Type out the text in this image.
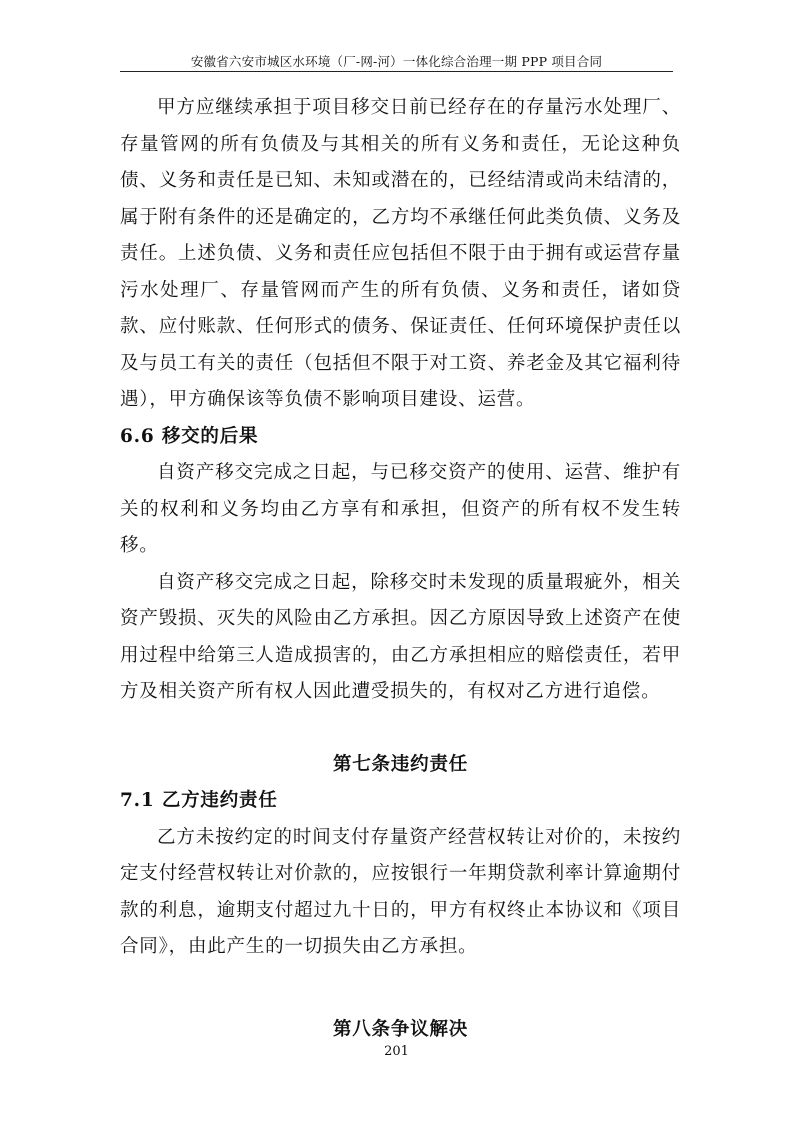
安徽省六安市城区水环境（厂-网-河）一体化综合治理一期 PPP 项目合同

甲方应继续承担于项目移交日前已经存在的存量污水处理厂、存量管网的所有负债及与其相关的所有义务和责任，无论这种负债、义务和责任是已知、未知或潜在的，已经结清或尚未结清的，属于附有条件的还是确定的，乙方均不承继任何此类负债、义务及责任。上述负债、义务和责任应包括但不限于由于拥有或运营存量污水处理厂、存量管网而产生的所有负债、义务和责任，诸如贷款、应付账款、任何形式的债务、保证责任、任何环境保护责任以及与员工有关的责任（包括但不限于对工资、养老金及其它福利待遇），甲方确保该等负债不影响项目建设、运营。

6.6 移交的后果

自资产移交完成之日起，与已移交资产的使用、运营、维护有关的权利和义务均由乙方享有和承担，但资产的所有权不发生转移。

自资产移交完成之日起，除移交时未发现的质量瑕疵外，相关资产毁损、灭失的风险由乙方承担。因乙方原因导致上述资产在使用过程中给第三人造成损害的，由乙方承担相应的赔偿责任，若甲方及相关资产所有权人因此遭受损失的，有权对乙方进行追偿。

第七条违约责任

7.1 乙方违约责任

乙方未按约定的时间支付存量资产经营权转让对价的，未按约定支付经营权转让对价款的，应按银行一年期贷款利率计算逾期付款的利息，逾期支付超过九十日的，甲方有权终止本协议和《项目合同》，由此产生的一切损失由乙方承担。

第八条争议解决

201
